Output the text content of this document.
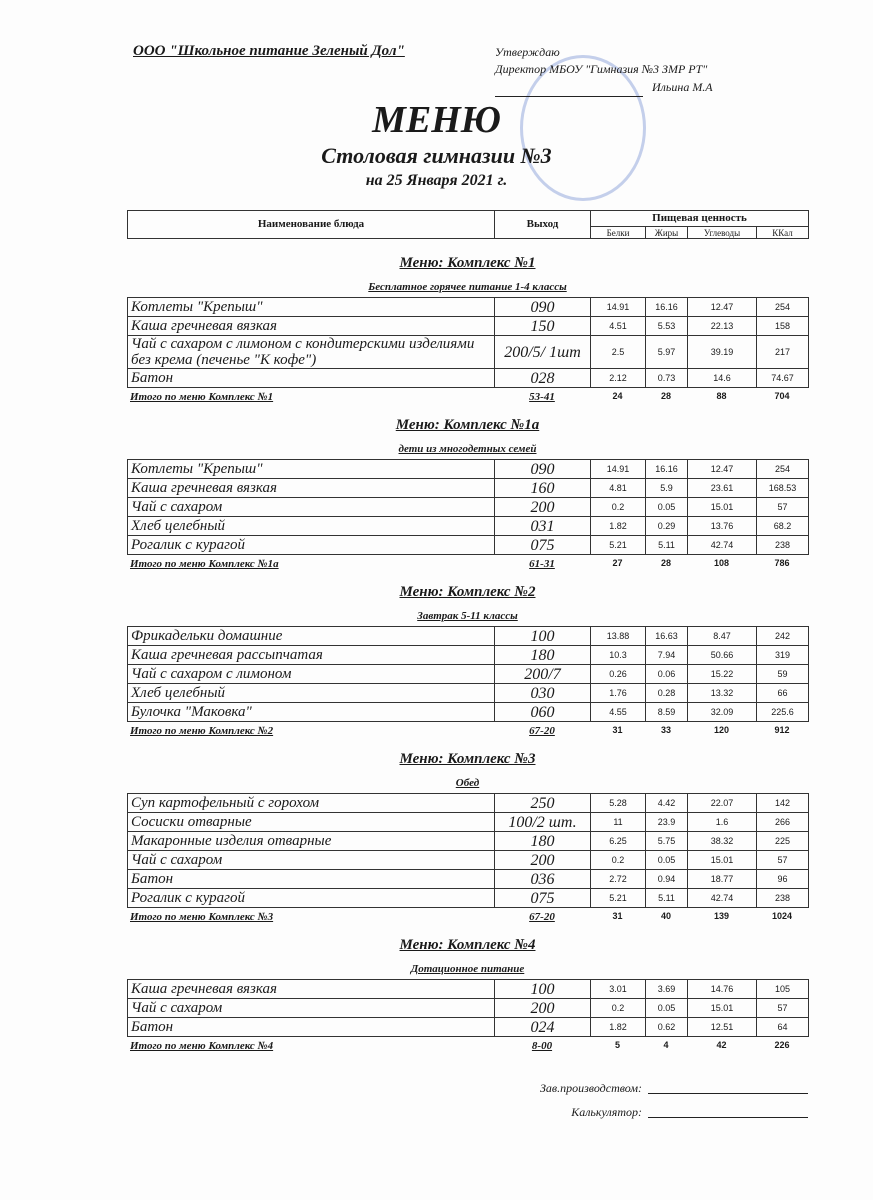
ООО "Школьное питание Зеленый Дол"	Утверждаю
Директор МБОУ "Гимназия №3 ЗМР РТ"
Ильина М.А
МЕНЮ
Столовая гимназии №3
на 25 Января 2021 г.
Наименование блюда	Выход	Пищевая ценность			
		Белки	Жиры	Углеводы	ККал
Меню: Комплекс №1
Бесплатное горячее питание 1-4 классы
Котлеты "Крепыш"	090	14.91	16.16	12.47	254
Каша гречневая вязкая	150	4.51	5.53	22.13	158
Чай с сахаром с лимоном с кондитерскими изделиями без крема (печенье "К кофе")	200/5/ 1шт	2.5	5.97	39.19	217
Батон	028	2.12	0.73	14.6	74.67
Итого по меню Комплекс №1	53-41	24	28	88	704
Меню: Комплекс №1а
дети из многодетных семей
Котлеты "Крепыш"	090	14.91	16.16	12.47	254
Каша гречневая вязкая	160	4.81	5.9	23.61	168.53
Чай с сахаром	200	0.2	0.05	15.01	57
Хлеб целебный	031	1.82	0.29	13.76	68.2
Рогалик с курагой	075	5.21	5.11	42.74	238
Итого по меню Комплекс №1а	61-31	27	28	108	786
Меню: Комплекс №2
Завтрак 5-11 классы
Фрикадельки домашние	100	13.88	16.63	8.47	242
Каша гречневая рассыпчатая	180	10.3	7.94	50.66	319
Чай с сахаром с лимоном	200/7	0.26	0.06	15.22	59
Хлеб целебный	030	1.76	0.28	13.32	66
Булочка "Маковка"	060	4.55	8.59	32.09	225.6
Итого по меню Комплекс №2	67-20	31	33	120	912
Меню: Комплекс №3
Обед
Суп картофельный с горохом	250	5.28	4.42	22.07	142
Сосиски отварные	100/2 шт.	11	23.9	1.6	266
Макаронные изделия отварные	180	6.25	5.75	38.32	225
Чай с сахаром	200	0.2	0.05	15.01	57
Батон	036	2.72	0.94	18.77	96
Рогалик с курагой	075	5.21	5.11	42.74	238
Итого по меню Комплекс №3	67-20	31	40	139	1024
Меню: Комплекс №4
Дотационное питание
Каша гречневая вязкая	100	3.01	3.69	14.76	105
Чай с сахаром	200	0.2	0.05	15.01	57
Батон	024	1.82	0.62	12.51	64
Итого по меню Комплекс №4	8-00	5	4	42	226
Зав.производством:
Калькулятор:
